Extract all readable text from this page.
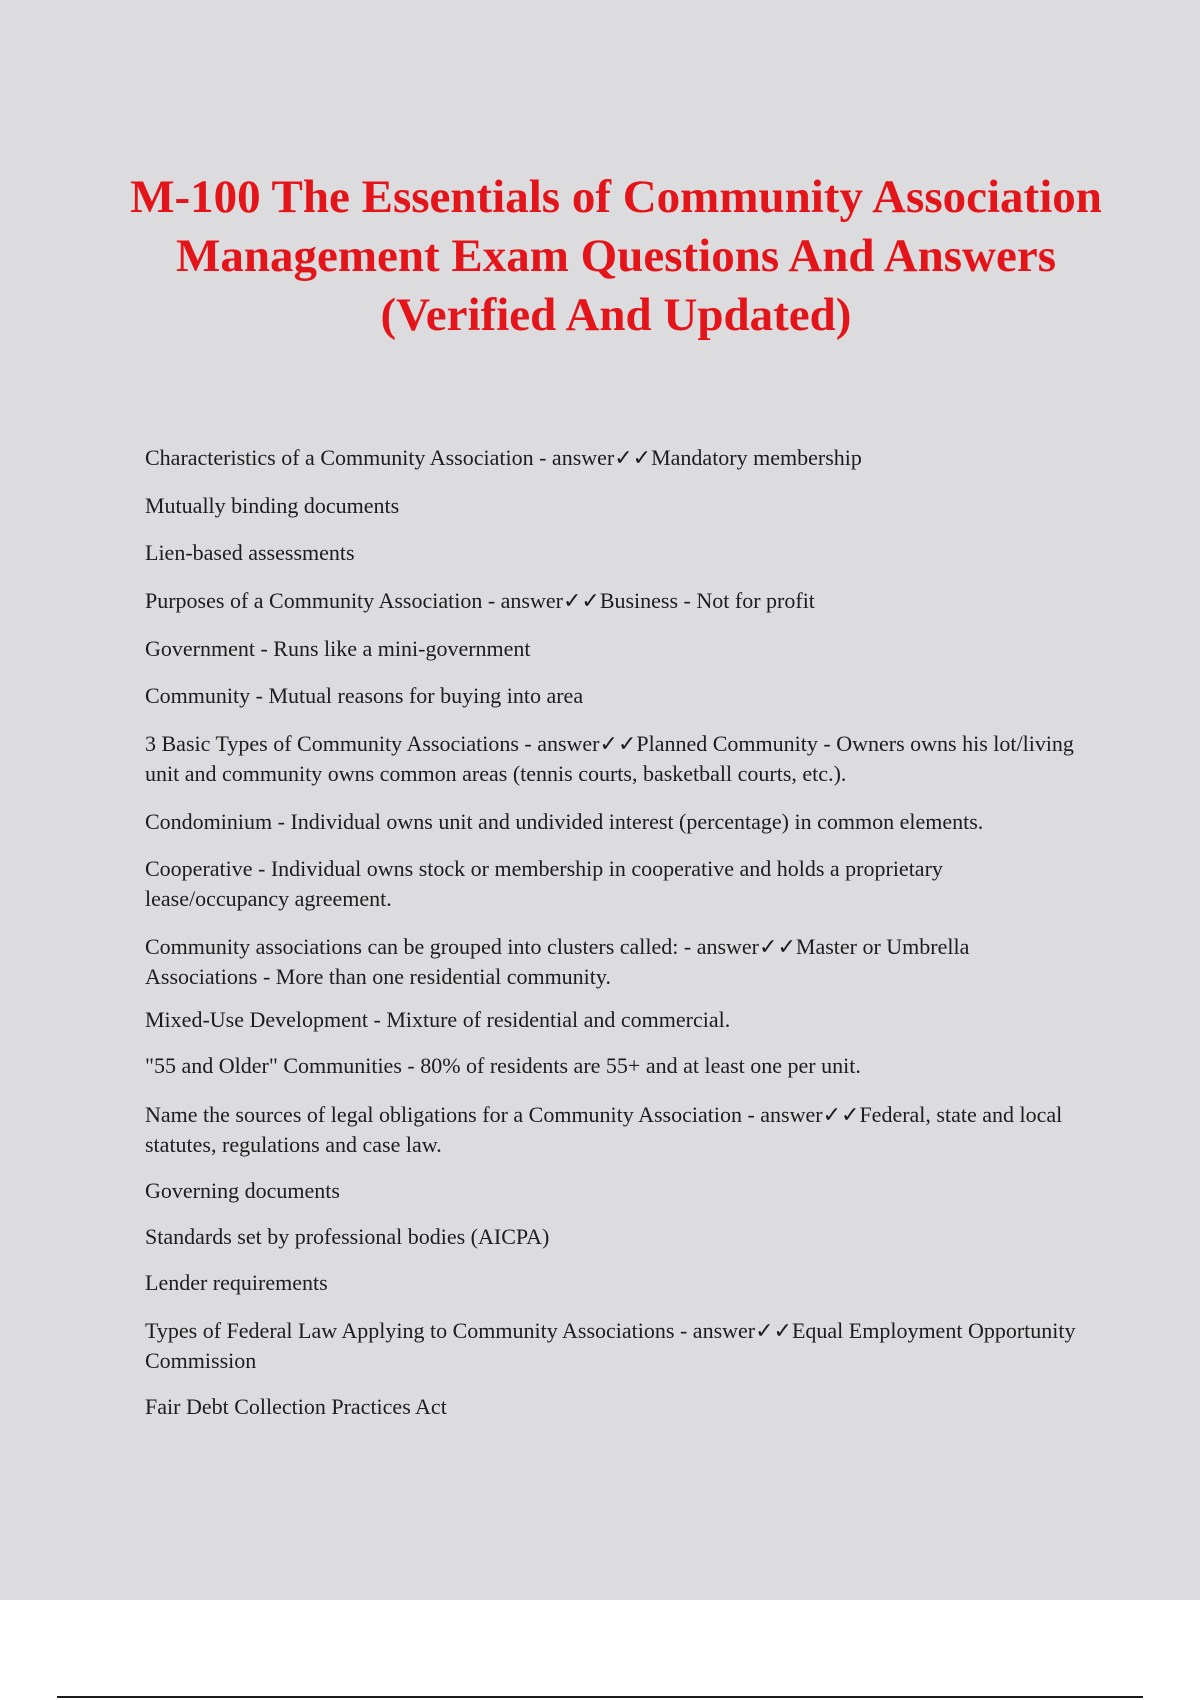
M-100 The Essentials of Community Association Management Exam Questions And Answers (Verified And Updated)

Characteristics of a Community Association - answer✓✓Mandatory membership

Mutually binding documents

Lien-based assessments

Purposes of a Community Association - answer✓✓Business - Not for profit

Government - Runs like a mini-government

Community - Mutual reasons for buying into area

3 Basic Types of Community Associations - answer✓✓Planned Community - Owners owns his lot/living unit and community owns common areas (tennis courts, basketball courts, etc.).

Condominium - Individual owns unit and undivided interest (percentage) in common elements.

Cooperative - Individual owns stock or membership in cooperative and holds a proprietary lease/occupancy agreement.

Community associations can be grouped into clusters called: - answer✓✓Master or Umbrella Associations - More than one residential community.

Mixed-Use Development - Mixture of residential and commercial.

"55 and Older" Communities - 80% of residents are 55+ and at least one per unit.

Name the sources of legal obligations for a Community Association - answer✓✓Federal, state and local statutes, regulations and case law.

Governing documents

Standards set by professional bodies (AICPA)

Lender requirements

Types of Federal Law Applying to Community Associations - answer✓✓Equal Employment Opportunity Commission

Fair Debt Collection Practices Act
